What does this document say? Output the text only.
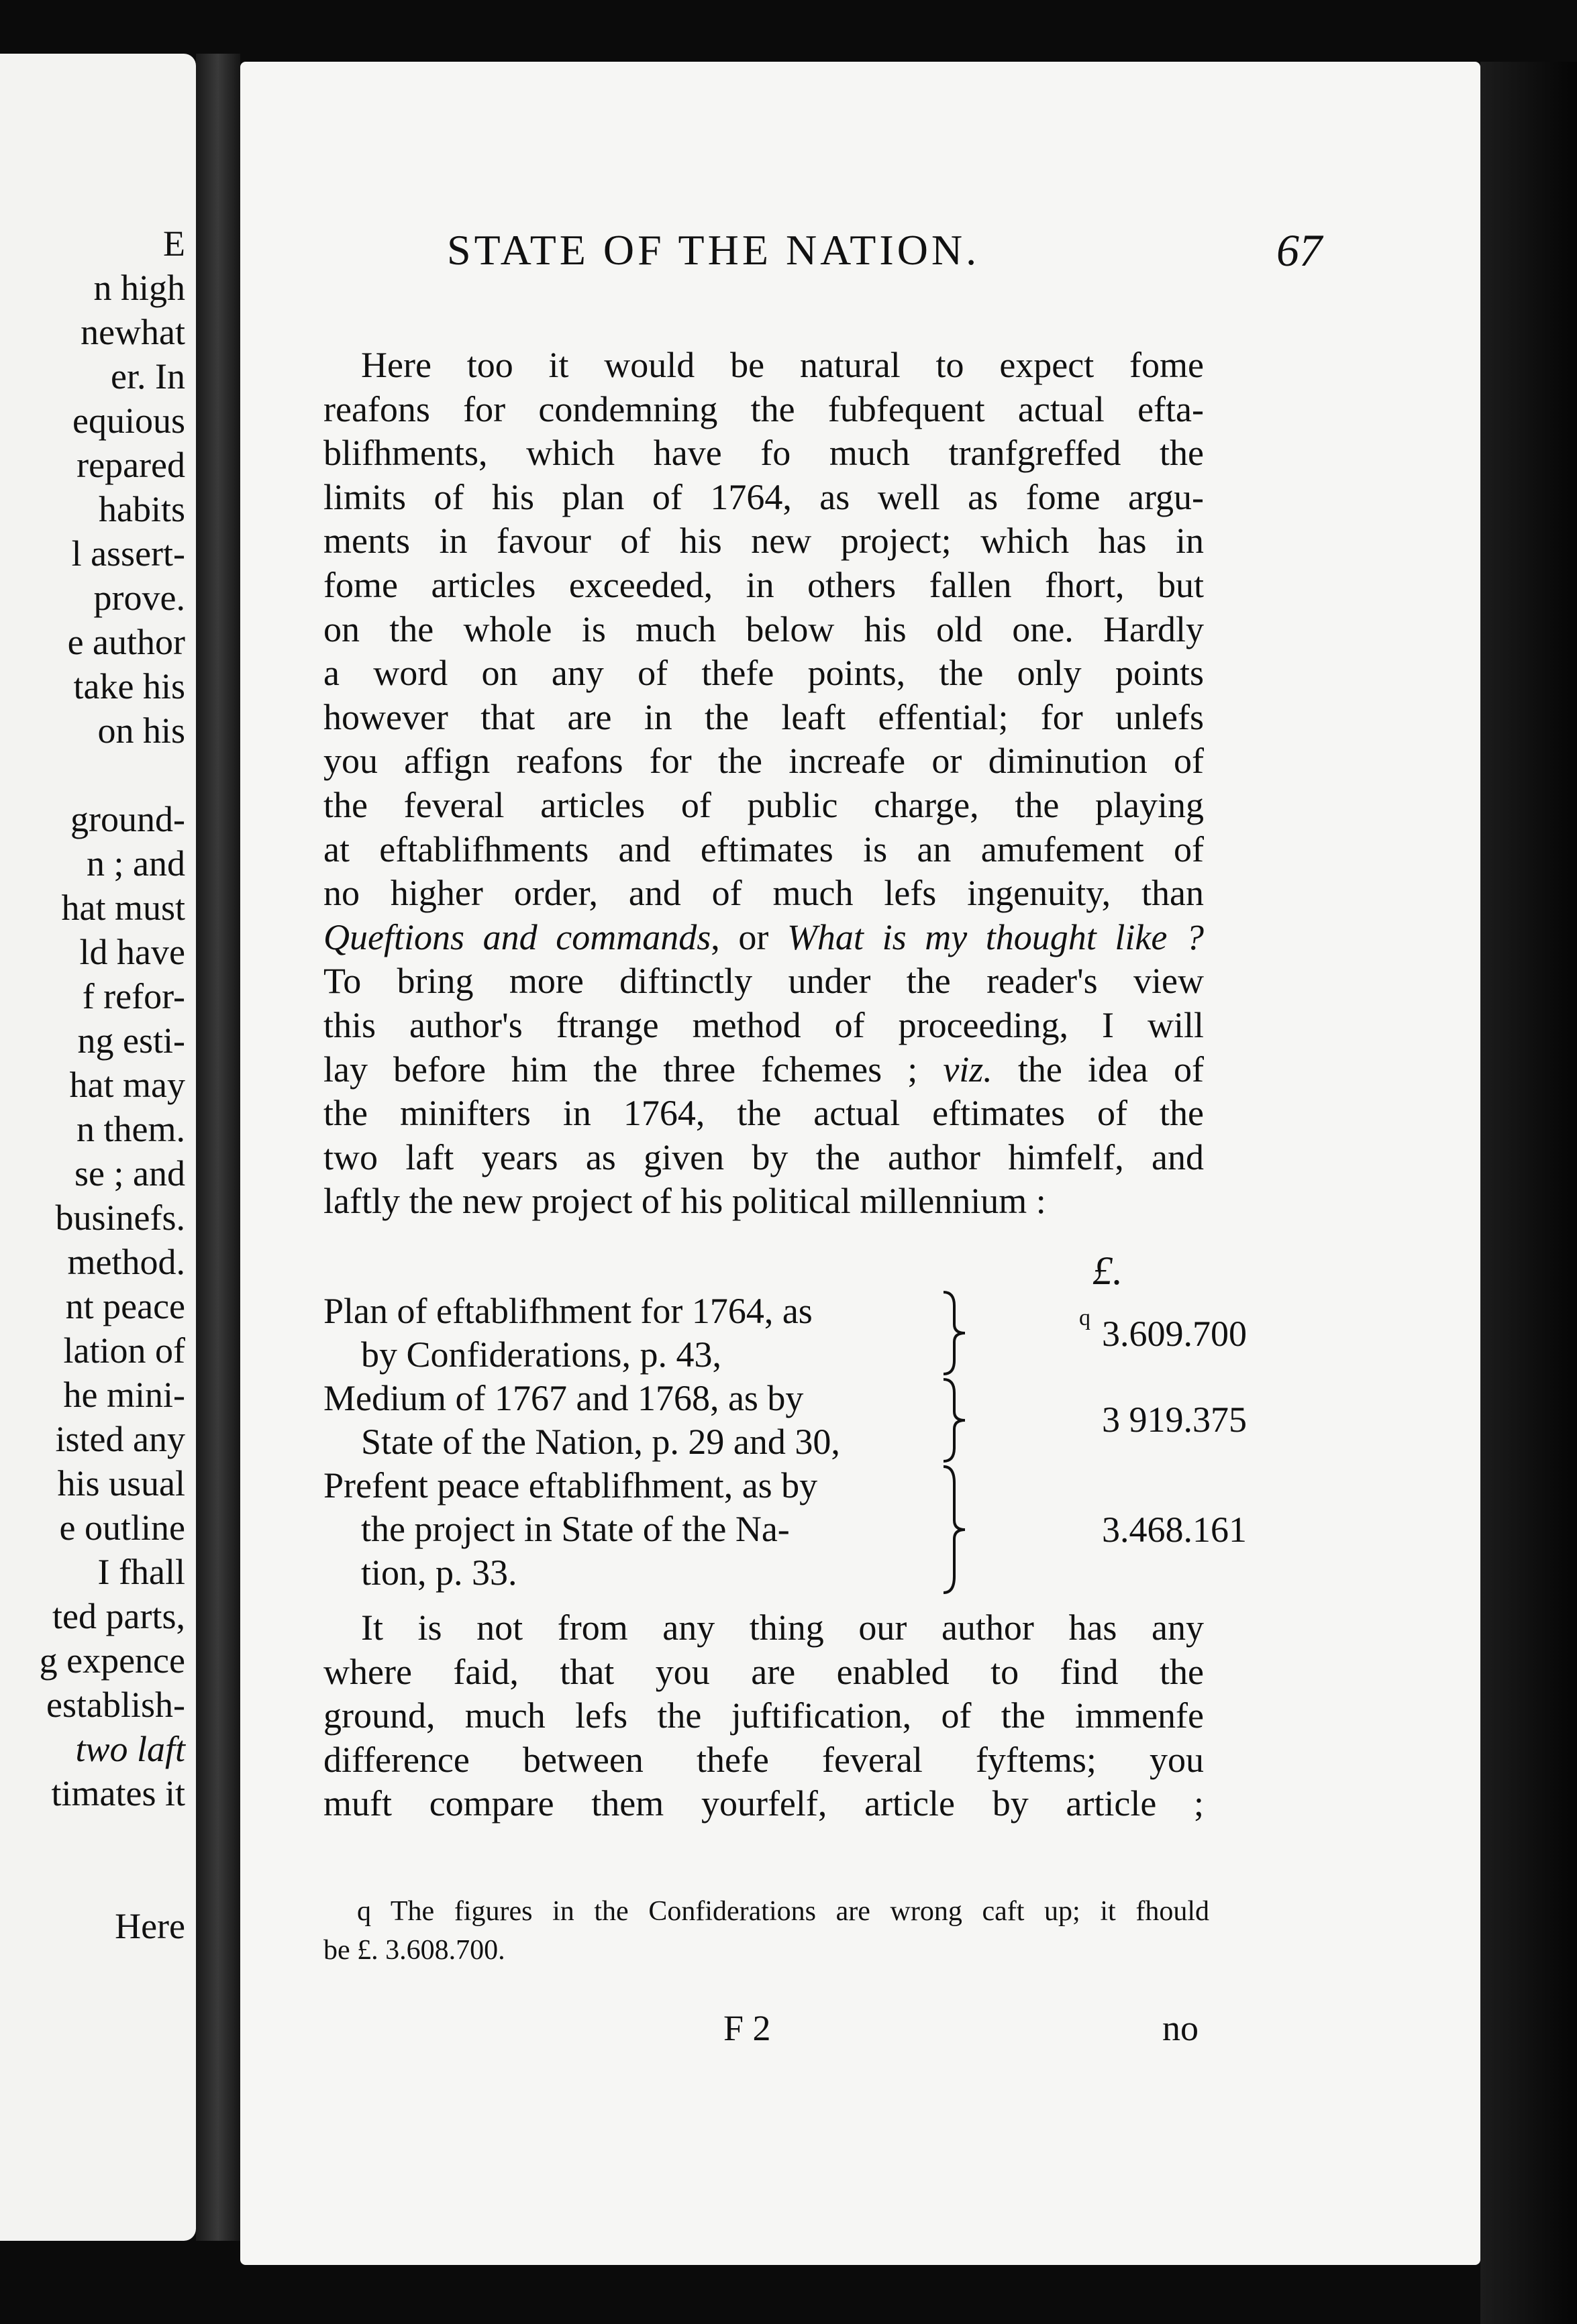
E
n high
newhat
er. In
equious
repared
habits
l assert-
prove.
e author
take his
on his
ground-
n ; and
hat must
ld have
f refor-
ng esti-
hat may
n them.
se ; and
businefs.
method.
nt peace
lation of
he mini-
isted any
his usual
e outline
I fhall
ted parts,
g expence
establish-
two laft
timates it
Here
STATE OF THE NATION.	67
Here too it would be natural to expect fome
reafons for condemning the fubfequent actual efta-
blifhments, which have fo much tranfgreffed the
limits of his plan of 1764, as well as fome argu-
ments in favour of his new project; which has in
fome articles exceeded, in others fallen fhort, but
on the whole is much below his old one. Hardly
a word on any of thefe points, the only points
however that are in the leaft effential; for unlefs
you affign reafons for the increafe or diminution of
the feveral articles of public charge, the playing
at eftablifhments and eftimates is an amufement of
no higher order, and of much lefs ingenuity, than
Queftions and commands, or What is my thought like ?
To bring more diftinctly under the reader's view
this author's ftrange method of proceeding, I will
lay before him the three fchemes ; viz. the idea of
the minifters in 1764, the actual eftimates of the
two laft years as given by the author himfelf, and
laftly the new project of his political millennium :
£.
Plan of eftablifhment for 1764, as
by Confiderations, p. 43,
q 3.609.700
Medium of 1767 and 1768, as by
State of the Nation, p. 29 and 30,
3 919.375
Prefent peace eftablifhment, as by
the project in State of the Na-
tion, p. 33.
3.468.161
It is not from any thing our author has any
where faid, that you are enabled to find the
ground, much lefs the juftification, of the immenfe
difference between thefe feveral fyftems; you
muft compare them yourfelf, article by article ;
q The figures in the Confiderations are wrong caft up; it fhould
be £. 3.608.700.
F 2	no
